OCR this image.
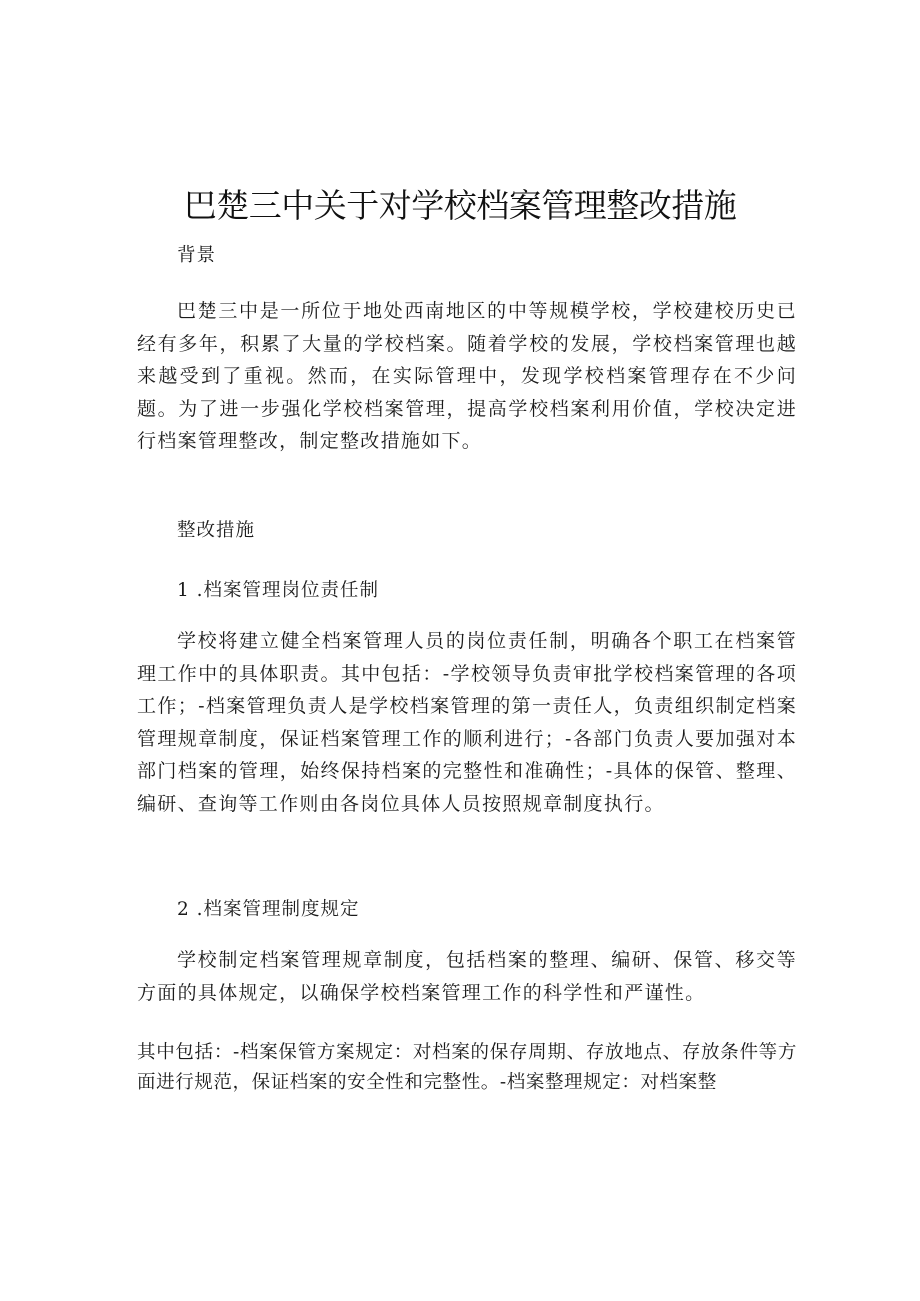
巴楚三中关于对学校档案管理整改措施

背景

巴楚三中是一所位于地处西南地区的中等规模学校，学校建校历史已经有多年，积累了大量的学校档案。随着学校的发展，学校档案管理也越来越受到了重视。然而，在实际管理中，发现学校档案管理存在不少问题。为了进一步强化学校档案管理，提高学校档案利用价值，学校决定进行档案管理整改，制定整改措施如下。

整改措施

1 .档案管理岗位责任制

学校将建立健全档案管理人员的岗位责任制，明确各个职工在档案管理工作中的具体职责。其中包括：-学校领导负责审批学校档案管理的各项工作；-档案管理负责人是学校档案管理的第一责任人，负责组织制定档案管理规章制度，保证档案管理工作的顺利进行；-各部门负责人要加强对本部门档案的管理，始终保持档案的完整性和准确性；-具体的保管、整理、编研、查询等工作则由各岗位具体人员按照规章制度执行。

2 .档案管理制度规定

学校制定档案管理规章制度，包括档案的整理、编研、保管、移交等方面的具体规定，以确保学校档案管理工作的科学性和严谨性。

其中包括：-档案保管方案规定：对档案的保存周期、存放地点、存放条件等方面进行规范，保证档案的安全性和完整性。-档案整理规定：对档案整
